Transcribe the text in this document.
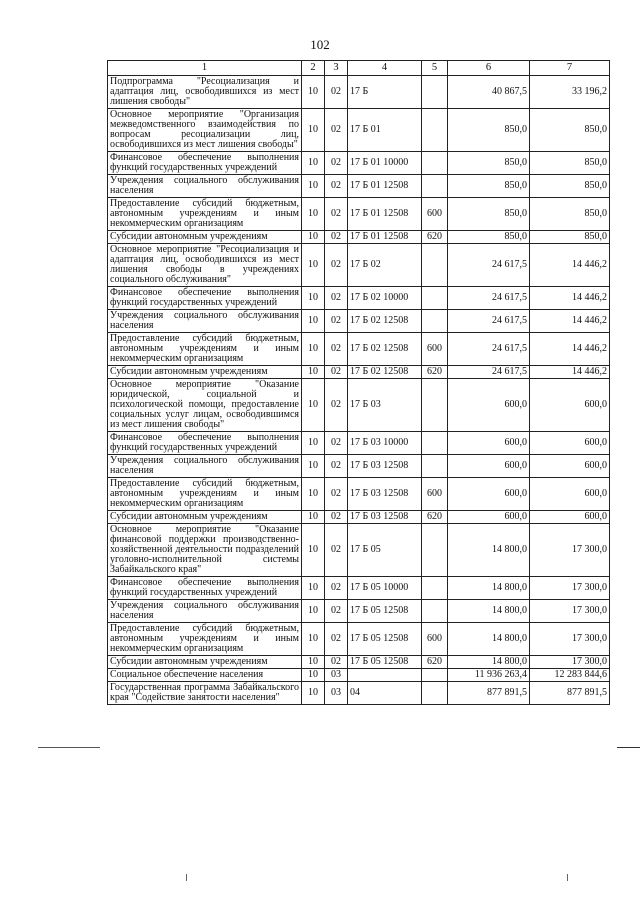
102
1	2	3	4	5	6	7
Подпрограмма "Ресоциализация и адаптация лиц, освободившихся из мест лишения свободы"	10	02	17 Б		40 867,5	33 196,2
Основное мероприятие "Организация межведомственного взаимодействия по вопросам ресоциализации лиц, освободившихся из мест лишения свободы"	10	02	17 Б 01		850,0	850,0
Финансовое обеспечение выполнения функций государственных учреждений	10	02	17 Б 01 10000		850,0	850,0
Учреждения социального обслуживания населения	10	02	17 Б 01 12508		850,0	850,0
Предоставление субсидий бюджетным, автономным учреждениям и иным некоммерческим организациям	10	02	17 Б 01 12508	600	850,0	850,0
Субсидии автономным учреждениям	10	02	17 Б 01 12508	620	850,0	850,0
Основное мероприятие "Ресоциализация и адаптация лиц, освободившихся из мест лишения свободы в учреждениях социального обслуживания"	10	02	17 Б 02		24 617,5	14 446,2
Финансовое обеспечение выполнения функций государственных учреждений	10	02	17 Б 02 10000		24 617,5	14 446,2
Учреждения социального обслуживания населения	10	02	17 Б 02 12508		24 617,5	14 446,2
Предоставление субсидий бюджетным, автономным учреждениям и иным некоммерческим организациям	10	02	17 Б 02 12508	600	24 617,5	14 446,2
Субсидии автономным учреждениям	10	02	17 Б 02 12508	620	24 617,5	14 446,2
Основное мероприятие "Оказание юридической, социальной и психологической помощи, предоставление социальных услуг лицам, освободившимся из мест лишения свободы"	10	02	17 Б 03		600,0	600,0
Финансовое обеспечение выполнения функций государственных учреждений	10	02	17 Б 03 10000		600,0	600,0
Учреждения социального обслуживания населения	10	02	17 Б 03 12508		600,0	600,0
Предоставление субсидий бюджетным, автономным учреждениям и иным некоммерческим организациям	10	02	17 Б 03 12508	600	600,0	600,0
Субсидии автономным учреждениям	10	02	17 Б 03 12508	620	600,0	600,0
Основное мероприятие "Оказание финансовой поддержки производственно-хозяйственной деятельности подразделений уголовно-исполнительной системы Забайкальского края"	10	02	17 Б 05		14 800,0	17 300,0
Финансовое обеспечение выполнения функций государственных учреждений	10	02	17 Б 05 10000		14 800,0	17 300,0
Учреждения социального обслуживания населения	10	02	17 Б 05 12508		14 800,0	17 300,0
Предоставление субсидий бюджетным, автономным учреждениям и иным некоммерческим организациям	10	02	17 Б 05 12508	600	14 800,0	17 300,0
Субсидии автономным учреждениям	10	02	17 Б 05 12508	620	14 800,0	17 300,0
Социальное обеспечение населения	10	03			11 936 263,4	12 283 844,6
Государственная программа Забайкальского края "Содействие занятости населения"	10	03	04		877 891,5	877 891,5
